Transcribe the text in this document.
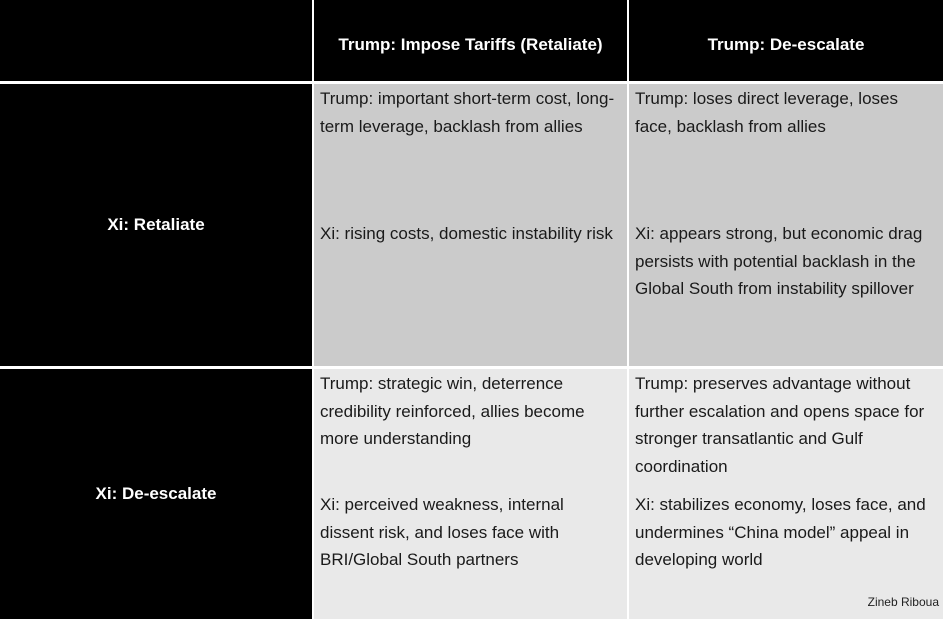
Trump: Impose Tariffs (Retaliate)	Trump: De-escalate
Xi: Retaliate

Trump: important short-term cost, long-term leverage, backlash from allies

Xi: rising costs, domestic instability risk

Trump: loses direct leverage, loses face, backlash from allies

Xi: appears strong, but economic drag persists with potential backlash in the Global South from instability spillover

Xi: De-escalate

Trump: strategic win, deterrence credibility reinforced, allies become more understanding

Xi: perceived weakness, internal dissent risk, and loses face with BRI/Global South partners

Trump: preserves advantage without further escalation and opens space for stronger transatlantic and Gulf coordination

Xi: stabilizes economy, loses face, and undermines “China model” appeal in developing world

Zineb Riboua
